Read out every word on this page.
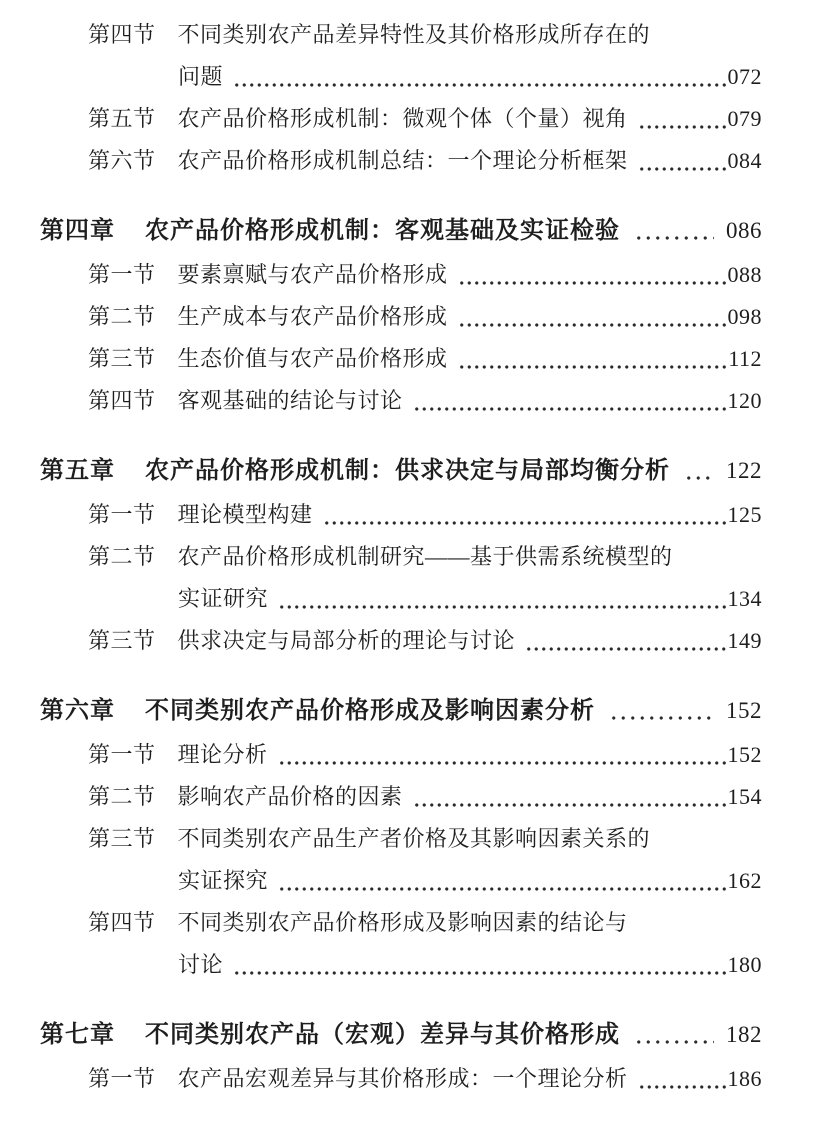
第四节 不同类别农产品差异特性及其价格形成所存在的
问题	072
第五节 农产品价格形成机制：微观个体（个量）视角	079
第六节 农产品价格形成机制总结：一个理论分析框架	084
第四章 农产品价格形成机制：客观基础及实证检验	086
第一节 要素禀赋与农产品价格形成	088
第二节 生产成本与农产品价格形成	098
第三节 生态价值与农产品价格形成	112
第四节 客观基础的结论与讨论	120
第五章 农产品价格形成机制：供求决定与局部均衡分析 122
第一节 理论模型构建	125
第二节 农产品价格形成机制研究——基于供需系统模型的
实证研究	134
第三节 供求决定与局部分析的理论与讨论	149
第六章 不同类别农产品价格形成及影响因素分析	152
第一节 理论分析	152
第二节 影响农产品价格的因素	154
第三节 不同类别农产品生产者价格及其影响因素关系的
实证探究	162
第四节 不同类别农产品价格形成及影响因素的结论与
讨论	180
第七章 不同类别农产品（宏观）差异与其价格形成	182
第一节 农产品宏观差异与其价格形成：一个理论分析	186
